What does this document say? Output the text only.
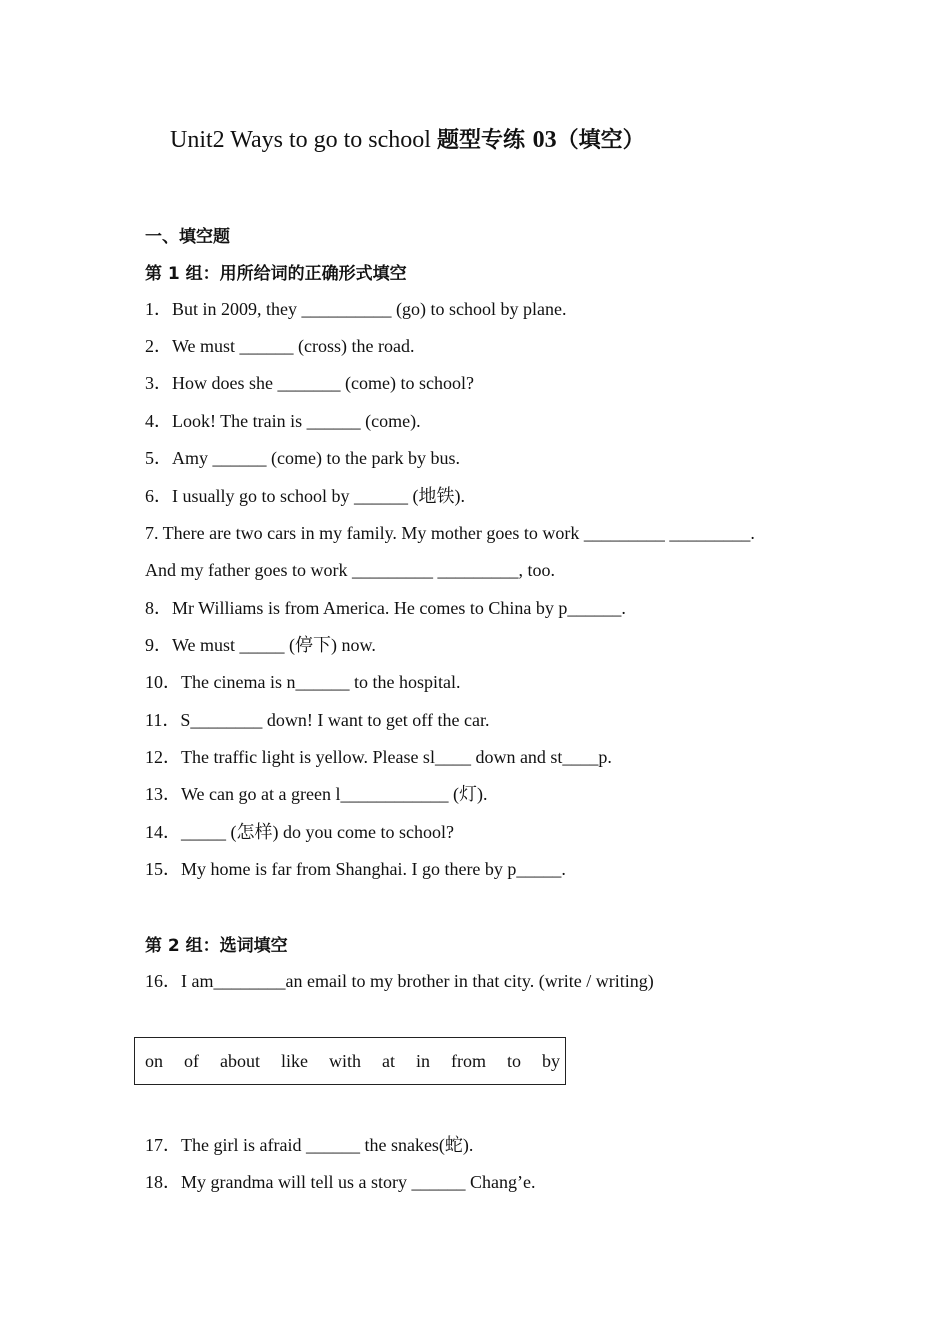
Unit2 Ways to go to school 题型专练 03（填空）
一、填空题
第 1 组：用所给词的正确形式填空
1．But in 2009, they __________ (go) to school by plane.
2．We must ______ (cross) the road.
3．How does she _______ (come) to school?
4．Look! The train is ______ (come).
5．Amy ______ (come) to the park by bus.
6．I usually go to school by ______ (地铁).
7. There are two cars in my family. My mother goes to work _________ _________.
And my father goes to work _________ _________, too.
8．Mr Williams is from America. He comes to China by p______.
9．We must _____ (停下) now.
10．The cinema is n______ to the hospital.
11．S________ down! I want to get off the car.
12．The traffic light is yellow. Please sl____ down and st____p.
13．We can go at a green l____________ (灯).
14．_____ (怎样) do you come to school?
15．My home is far from Shanghai. I go there by p_____.
第 2 组：选词填空
16．I am________an email to my brother in that city. (write / writing)
on of about like with at in from to by
17．The girl is afraid ______ the snakes(蛇).
18．My grandma will tell us a story ______ Chang’e.
